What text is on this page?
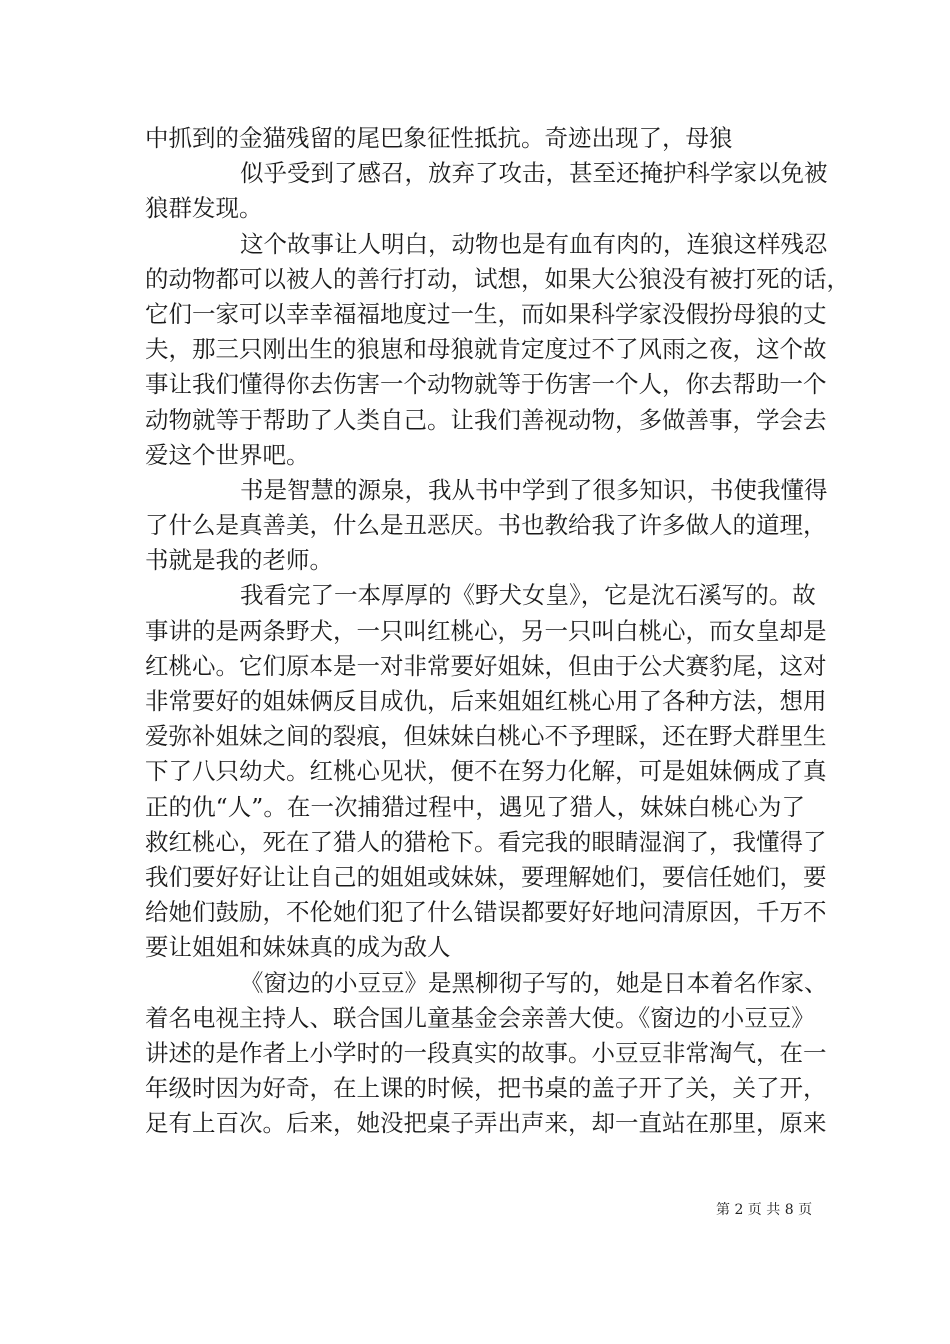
中抓到的金猫残留的尾巴象征性抵抗。奇迹出现了，母狼
似乎受到了感召，放弃了攻击，甚至还掩护科学家以免被
狼群发现。
这个故事让人明白，动物也是有血有肉的，连狼这样残忍
的动物都可以被人的善行打动，试想，如果大公狼没有被打死的话，
它们一家可以幸幸福福地度过一生，而如果科学家没假扮母狼的丈
夫，那三只刚出生的狼崽和母狼就肯定度过不了风雨之夜，这个故
事让我们懂得你去伤害一个动物就等于伤害一个人，你去帮助一个
动物就等于帮助了人类自己。让我们善视动物，多做善事，学会去
爱这个世界吧。
书是智慧的源泉，我从书中学到了很多知识，书使我懂得
了什么是真善美，什么是丑恶厌。书也教给我了许多做人的道理，
书就是我的老师。
我看完了一本厚厚的《野犬女皇》，它是沈石溪写的。故
事讲的是两条野犬，一只叫红桃心，另一只叫白桃心，而女皇却是
红桃心。它们原本是一对非常要好姐妹，但由于公犬赛豹尾，这对
非常要好的姐妹俩反目成仇，后来姐姐红桃心用了各种方法，想用
爱弥补姐妹之间的裂痕，但妹妹白桃心不予理睬，还在野犬群里生
下了八只幼犬。红桃心见状，便不在努力化解，可是姐妹俩成了真
正的仇“人”。在一次捕猎过程中，遇见了猎人，妹妹白桃心为了
救红桃心，死在了猎人的猎枪下。看完我的眼睛湿润了，我懂得了
我们要好好让让自己的姐姐或妹妹，要理解她们，要信任她们，要
给她们鼓励，不伦她们犯了什么错误都要好好地问清原因，千万不
要让姐姐和妹妹真的成为敌人
《窗边的小豆豆》是黑柳彻子写的，她是日本着名作家、
着名电视主持人、联合国儿童基金会亲善大使。《窗边的小豆豆》
讲述的是作者上小学时的一段真实的故事。小豆豆非常淘气，在一
年级时因为好奇，在上课的时候，把书桌的盖子开了关，关了开，
足有上百次。后来，她没把桌子弄出声来，却一直站在那里，原来
第 2 页 共 8 页
